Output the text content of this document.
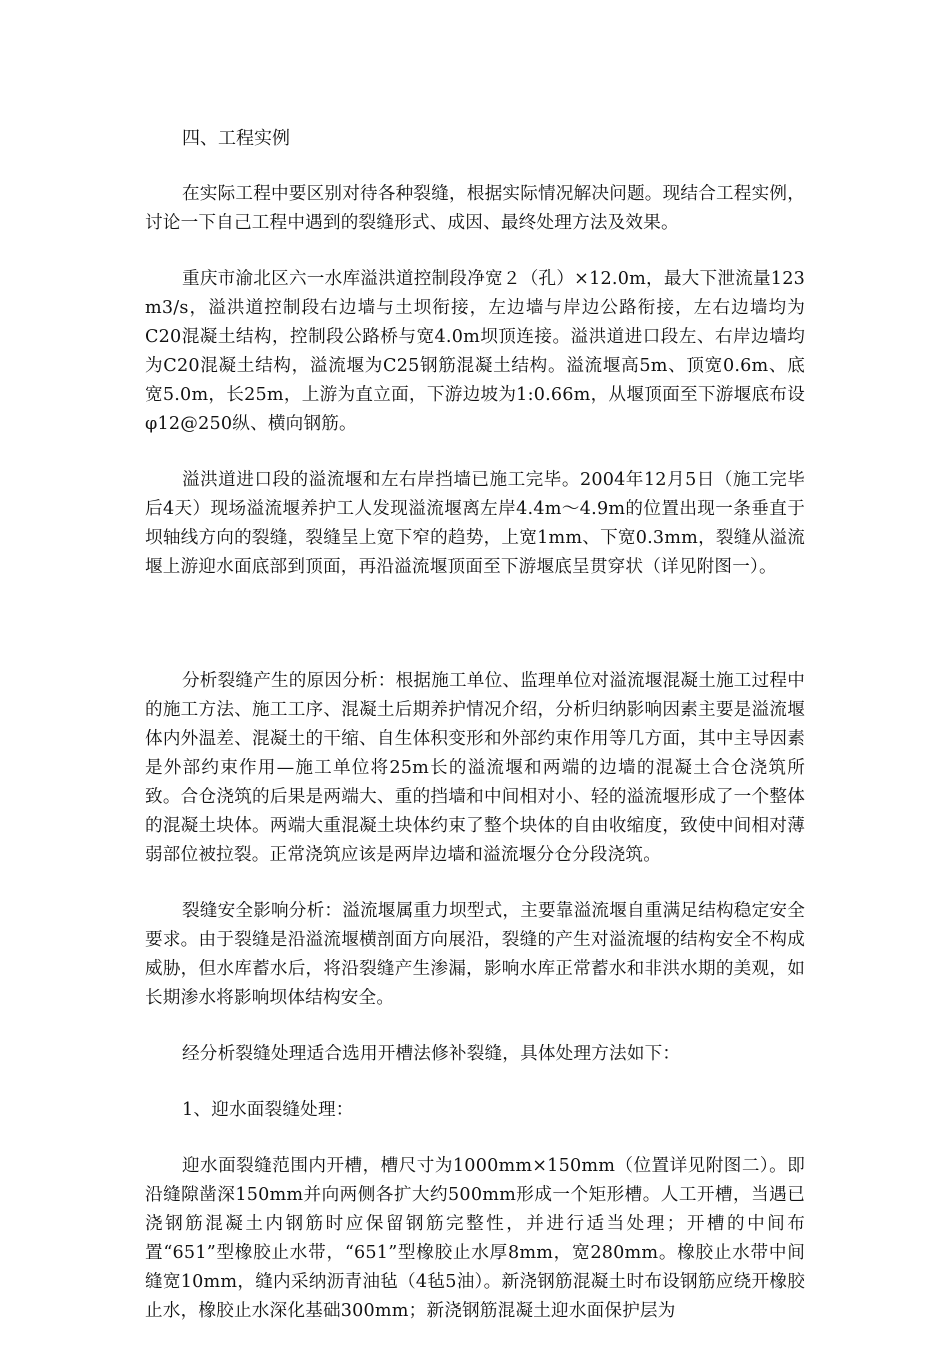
四、工程实例

在实际工程中要区别对待各种裂缝，根据实际情况解决问题。现结合工程实例，讨论一下自己工程中遇到的裂缝形式、成因、最终处理方法及效果。

重庆市渝北区六一水库溢洪道控制段净宽２（孔）×12.0m，最大下泄流量123 m3/s，溢洪道控制段右边墙与土坝衔接，左边墙与岸边公路衔接，左右边墙均为C20混凝土结构，控制段公路桥与宽4.0m坝顶连接。溢洪道进口段左、右岸边墙均为C20混凝土结构，溢流堰为C25钢筋混凝土结构。溢流堰高5m、顶宽0.6m、底宽5.0m，长25m，上游为直立面，下游边坡为1:0.66m，从堰顶面至下游堰底布设 φ12@250纵、横向钢筋。

溢洪道进口段的溢流堰和左右岸挡墙已施工完毕。2004年12月5日（施工完毕后4天）现场溢流堰养护工人发现溢流堰离左岸4.4m～4.9m的位置出现一条垂直于坝轴线方向的裂缝，裂缝呈上宽下窄的趋势，上宽1mm、下宽0.3mm，裂缝从溢流堰上游迎水面底部到顶面，再沿溢流堰顶面至下游堰底呈贯穿状（详见附图一）。

分析裂缝产生的原因分析：根据施工单位、监理单位对溢流堰混凝土施工过程中的施工方法、施工工序、混凝土后期养护情况介绍，分析归纳影响因素主要是溢流堰体内外温差、混凝土的干缩、自生体积变形和外部约束作用等几方面，其中主导因素是外部约束作用—施工单位将25m长的溢流堰和两端的边墙的混凝土合仓浇筑所致。合仓浇筑的后果是两端大、重的挡墙和中间相对小、轻的溢流堰形成了一个整体的混凝土块体。两端大重混凝土块体约束了整个块体的自由收缩度，致使中间相对薄弱部位被拉裂。正常浇筑应该是两岸边墙和溢流堰分仓分段浇筑。

裂缝安全影响分析：溢流堰属重力坝型式，主要靠溢流堰自重满足结构稳定安全要求。由于裂缝是沿溢流堰横剖面方向展沿，裂缝的产生对溢流堰的结构安全不构成威胁，但水库蓄水后，将沿裂缝产生渗漏，影响水库正常蓄水和非洪水期的美观，如长期渗水将影响坝体结构安全。

经分析裂缝处理适合选用开槽法修补裂缝，具体处理方法如下：

1、迎水面裂缝处理：

迎水面裂缝范围内开槽，槽尺寸为1000mm×150mm（位置详见附图二）。即沿缝隙凿深150mm并向两侧各扩大约500mm形成一个矩形槽。人工开槽，当遇已浇钢筋混凝土内钢筋时应保留钢筋完整性，并进行适当处理；开槽的中间布置“651”型橡胶止水带，“651”型橡胶止水厚8mm，宽280mm。橡胶止水带中间缝宽10mm，缝内采纳沥青油毡（4毡5油）。新浇钢筋混凝土时布设钢筋应绕开橡胶止水，橡胶止水深化基础300mm；新浇钢筋混凝土迎水面保护层为
